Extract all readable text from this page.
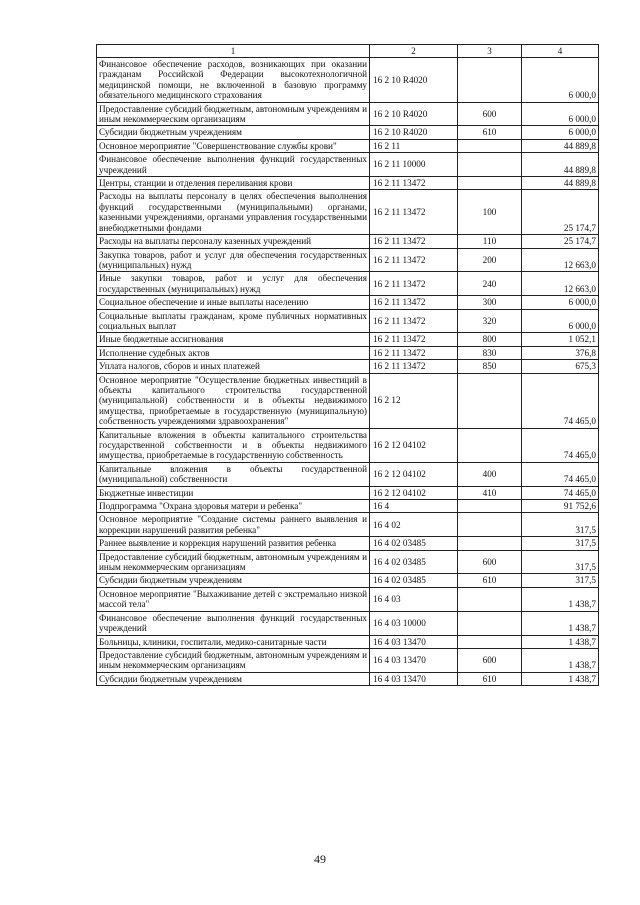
1	2	3	4
Финансовое обеспечение расходов, возникающих при оказании гражданам Российской Федерации высокотехнологичной медицинской помощи, не включенной в базовую программу обязательного медицинского страхования	16 2 10 R4020		6 000,0
Предоставление субсидий бюджетным, автономным учреждениям и иным некоммерческим организациям	16 2 10 R4020	600	6 000,0
Субсидии бюджетным учреждениям	16 2 10 R4020	610	6 000,0
Основное мероприятие "Совершенствование службы крови"	16 2 11		44 889,8
Финансовое обеспечение выполнения функций государственных учреждений	16 2 11 10000		44 889,8
Центры, станции и отделения переливания крови	16 2 11 13472		44 889,8
Расходы на выплаты персоналу в целях обеспечения выполнения функций государственными (муниципальными) органами, казенными учреждениями, органами управления государственными внебюджетными фондами	16 2 11 13472	100	25 174,7
Расходы на выплаты персоналу казенных учреждений	16 2 11 13472	110	25 174,7
Закупка товаров, работ и услуг для обеспечения государственных (муниципальных) нужд	16 2 11 13472	200	12 663,0
Иные закупки товаров, работ и услуг для обеспечения государственных (муниципальных) нужд	16 2 11 13472	240	12 663,0
Социальное обеспечение и иные выплаты населению	16 2 11 13472	300	6 000,0
Социальные выплаты гражданам, кроме публичных нормативных социальных выплат	16 2 11 13472	320	6 000,0
Иные бюджетные ассигнования	16 2 11 13472	800	1 052,1
Исполнение судебных актов	16 2 11 13472	830	376,8
Уплата налогов, сборов и иных платежей	16 2 11 13472	850	675,3
Основное мероприятие "Осуществление бюджетных инвестиций в объекты капитального строительства государственной (муниципальной) собственности и в объекты недвижимого имущества, приобретаемые в государственную (муниципальную) собственность учреждениями здравоохранения"	16 2 12		74 465,0
Капитальные вложения в объекты капитального строительства государственной собственности и в объекты недвижимого имущества, приобретаемые в государственную собственность	16 2 12 04102		74 465,0
Капитальные вложения в объекты государственной (муниципальной) собственности	16 2 12 04102	400	74 465,0
Бюджетные инвестиции	16 2 12 04102	410	74 465,0
Подпрограмма "Охрана здоровья матери и ребенка"	16 4		91 752,6
Основное мероприятие "Создание системы раннего выявления и коррекции нарушений развития ребенка"	16 4 02		317,5
Раннее выявление и коррекция нарушений развития ребенка	16 4 02 03485		317,5
Предоставление субсидий бюджетным, автономным учреждениям и иным некоммерческим организациям	16 4 02 03485	600	317,5
Субсидии бюджетным учреждениям	16 4 02 03485	610	317,5
Основное мероприятие "Выхаживание детей с экстремально низкой массой тела"	16 4 03		1 438,7
Финансовое обеспечение выполнения функций государственных учреждений	16 4 03 10000		1 438,7
Больницы, клиники, госпитали, медико-санитарные части	16 4 03 13470		1 438,7
Предоставление субсидий бюджетным, автономным учреждениям и иным некоммерческим организациям	16 4 03 13470	600	1 438,7
Субсидии бюджетным учреждениям	16 4 03 13470	610	1 438,7
49
